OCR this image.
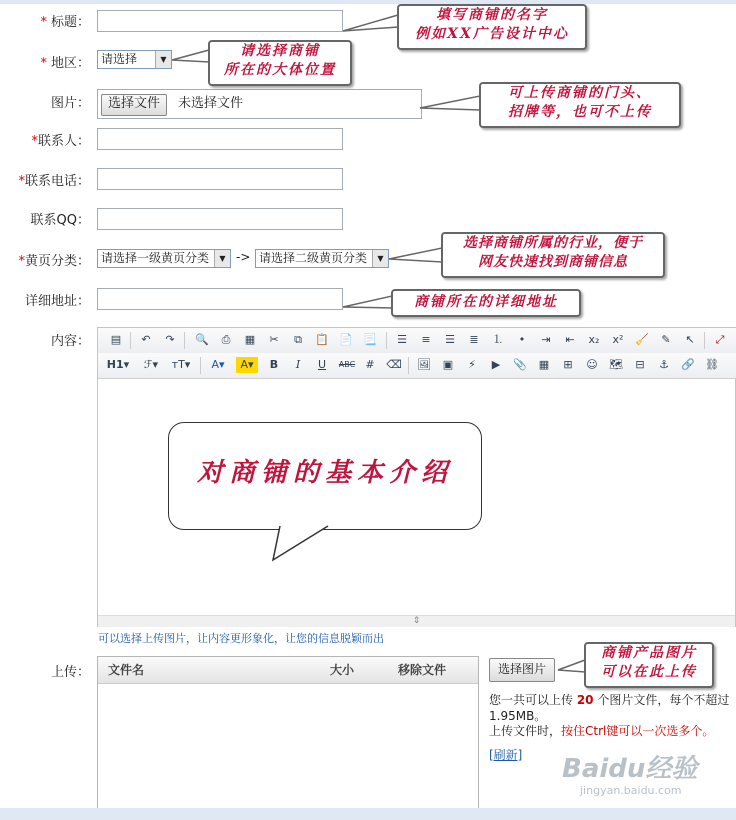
* 标题：
* 地区： 请选择	▼
图片：	选择文件	未选择文件
*联系人：
*联系电话：
联系QQ：
*黄页分类： 请选择一级黄页分类	▼ -> 请选择二级黄页分类	▼
详细地址：
内容：
填写商铺的名字
例如XX广告设计中心
请选择商铺
所在的大体位置
可上传商铺的门头、
招牌等，也可不上传
选择商铺所属的行业，便于
网友快速找到商铺信息
商铺所在的详细地址
▤	↶	↷	🔍	⎙	▦	✂	⧉	📋 📄 📃 ☰	≡	☰	≣	⒈	•	⇥	⇤	x₂ x² 🧹	✎	↖	⤢
H1▾	ℱ▾	тT▾	A▾	A▾	B	I	U	ABC #	⌫ 🖼 ▣	⚡	▶	📎 ▦	⊞	☺ 🗺	⊟	⚓ 🔗 ⛓
对商铺的基本介绍
⇕
可以选择上传图片，让内容更形象化，让您的信息脱颖而出
上传： 文件名	大小	移除文件	选择图片
商铺产品图片
可以在此上传
您一共可以上传 20 个图片文件，每个不超过
1.95MB。
上传文件时，按住Ctrl键可以一次选多个。
[刷新] Baidu经验
jingyan.baidu.com
